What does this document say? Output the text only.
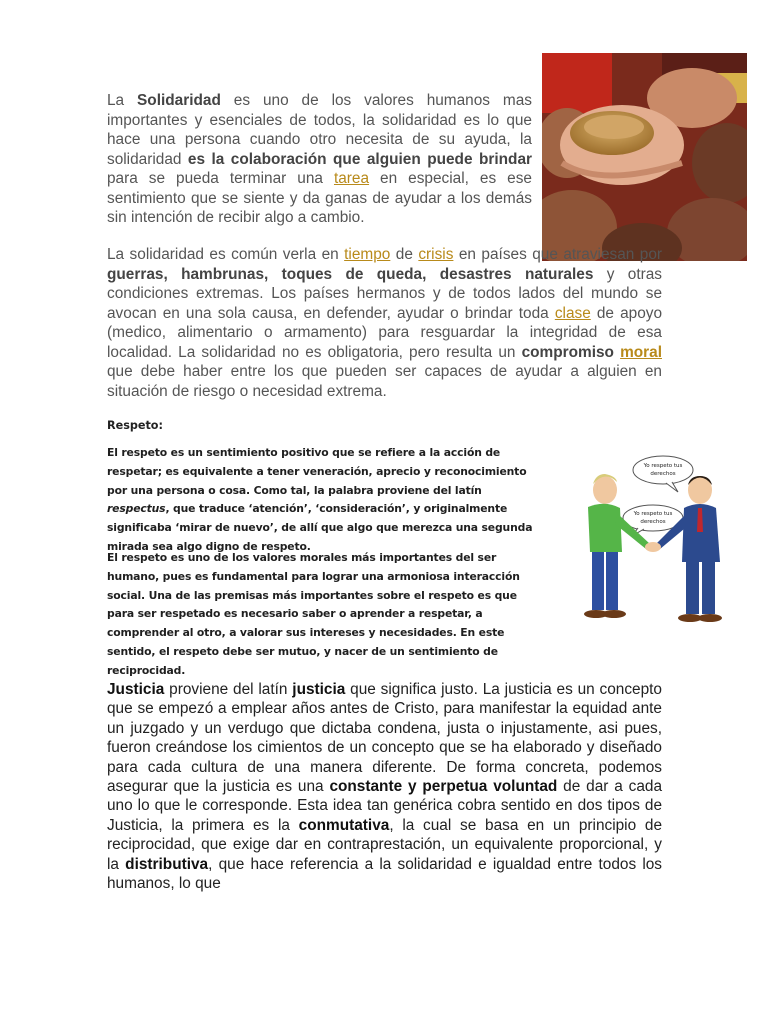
La Solidaridad es uno de los valores humanos mas importantes y esenciales de todos, la solidaridad es lo que hace una persona cuando otro necesita de su ayuda, la solidaridad es la colaboración que alguien puede brindar para se pueda terminar una tarea en especial, es ese sentimiento que se siente y da ganas de ayudar a los demás sin intención de recibir algo a cambio.

La solidaridad es común verla en tiempo de crisis en países que atraviesan por guerras, hambrunas, toques de queda, desastres naturales y otras condiciones extremas. Los países hermanos y de todos lados del mundo se avocan en una sola causa, en defender, ayudar o brindar toda clase de apoyo (medico, alimentario o armamento) para resguardar la integridad de esa localidad. La solidaridad no es obligatoria, pero resulta un compromiso moral que debe haber entre los que pueden ser capaces de ayudar a alguien en situación de riesgo o necesidad extrema.

Respeto:

El respeto es un sentimiento positivo que se refiere a la acción de respetar; es equivalente a tener veneración, aprecio y reconocimiento por una persona o cosa. Como tal, la palabra proviene del latín respectus, que traduce ‘atención’, ‘consideración’, y originalmente significaba ‘mirar de nuevo’, de allí que algo que merezca una segunda mirada sea algo digno de respeto.

El respeto es uno de los valores morales más importantes del ser humano, pues es fundamental para lograr una armoniosa interacción social. Una de las premisas más importantes sobre el respeto es que para ser respetado es necesario saber o aprender a respetar, a comprender al otro, a valorar sus intereses y necesidades. En este sentido, el respeto debe ser mutuo, y nacer de un sentimiento de reciprocidad.

Yo respeto tus
derechos
Yo respeto tus
derechos

Justicia proviene del latín justicia que significa justo. La justicia es un concepto que se empezó a emplear años antes de Cristo, para manifestar la equidad ante un juzgado y un verdugo que dictaba condena, justa o injustamente, asi pues, fueron creándose los cimientos de un concepto que se ha elaborado y diseñado para cada cultura de una manera diferente. De forma concreta, podemos asegurar que la justicia es una constante y perpetua voluntad de dar a cada uno lo que le corresponde. Esta idea tan genérica cobra sentido en dos tipos de Justicia, la primera es la conmutativa, la cual se basa en un principio de reciprocidad, que exige dar en contraprestación, un equivalente proporcional, y la distributiva, que hace referencia a la solidaridad e igualdad entre todos los humanos, lo que
